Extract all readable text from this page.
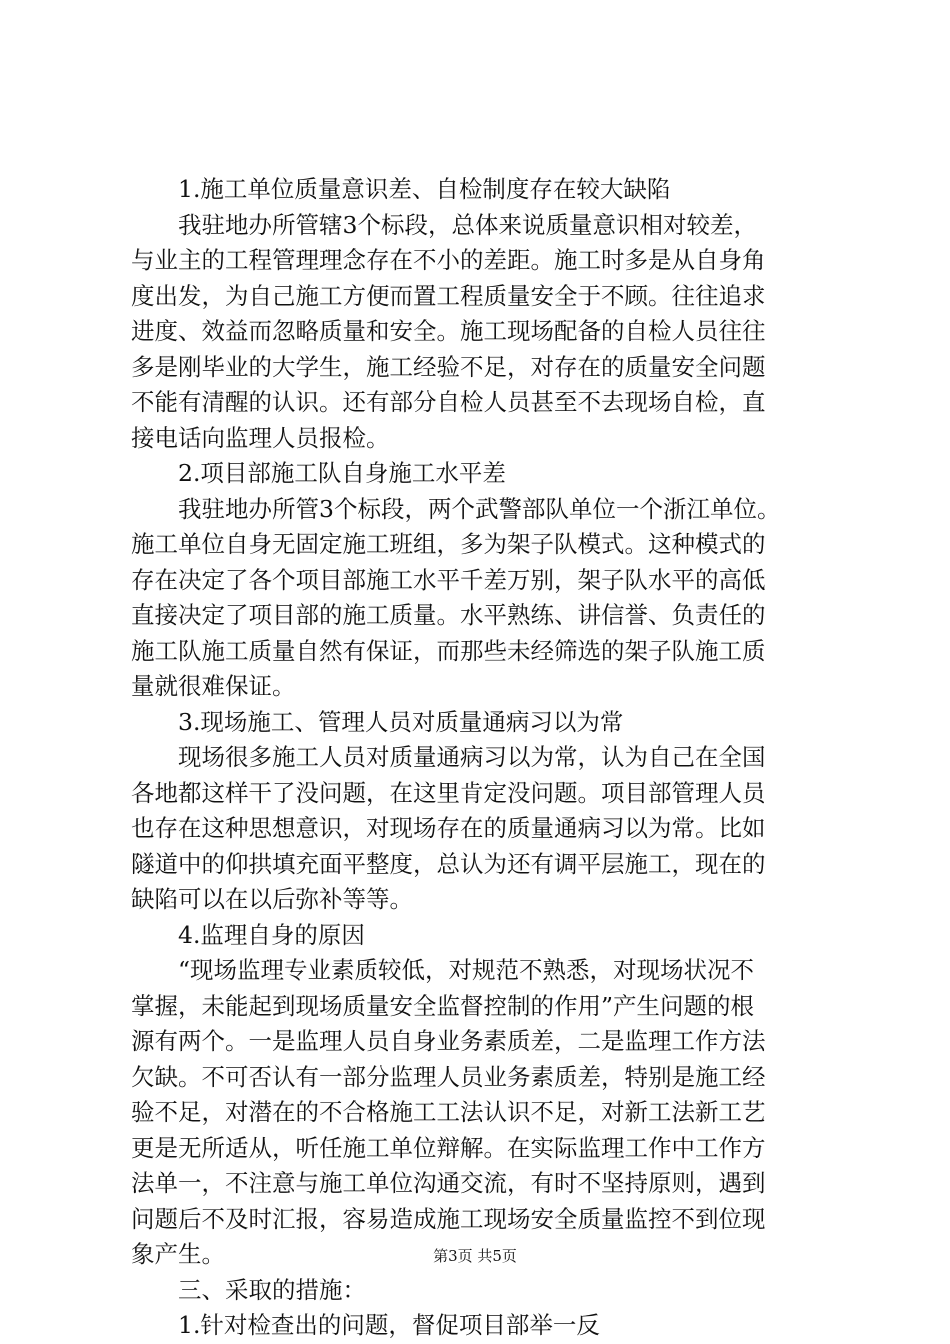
1.施工单位质量意识差、自检制度存在较大缺陷
我驻地办所管辖3个标段，总体来说质量意识相对较差，
与业主的工程管理理念存在不小的差距。施工时多是从自身角
度出发，为自己施工方便而置工程质量安全于不顾。往往追求
进度、效益而忽略质量和安全。施工现场配备的自检人员往往
多是刚毕业的大学生，施工经验不足，对存在的质量安全问题
不能有清醒的认识。还有部分自检人员甚至不去现场自检，直
接电话向监理人员报检。
2.项目部施工队自身施工水平差
我驻地办所管3个标段，两个武警部队单位一个浙江单位。
施工单位自身无固定施工班组，多为架子队模式。这种模式的
存在决定了各个项目部施工水平千差万别，架子队水平的高低
直接决定了项目部的施工质量。水平熟练、讲信誉、负责任的
施工队施工质量自然有保证，而那些未经筛选的架子队施工质
量就很难保证。
3.现场施工、管理人员对质量通病习以为常
现场很多施工人员对质量通病习以为常，认为自己在全国
各地都这样干了没问题，在这里肯定没问题。项目部管理人员
也存在这种思想意识，对现场存在的质量通病习以为常。比如
隧道中的仰拱填充面平整度，总认为还有调平层施工，现在的
缺陷可以在以后弥补等等。
4.监理自身的原因
“现场监理专业素质较低，对规范不熟悉，对现场状况不
掌握，未能起到现场质量安全监督控制的作用”产生问题的根
源有两个。一是监理人员自身业务素质差，二是监理工作方法
欠缺。不可否认有一部分监理人员业务素质差，特别是施工经
验不足，对潜在的不合格施工工法认识不足，对新工法新工艺
更是无所适从，听任施工单位辩解。在实际监理工作中工作方
法单一，不注意与施工单位沟通交流，有时不坚持原则，遇到
问题后不及时汇报，容易造成施工现场安全质量监控不到位现
象产生。
三、采取的措施：
1.针对检查出的问题，督促项目部举一反
第3页 共5页
